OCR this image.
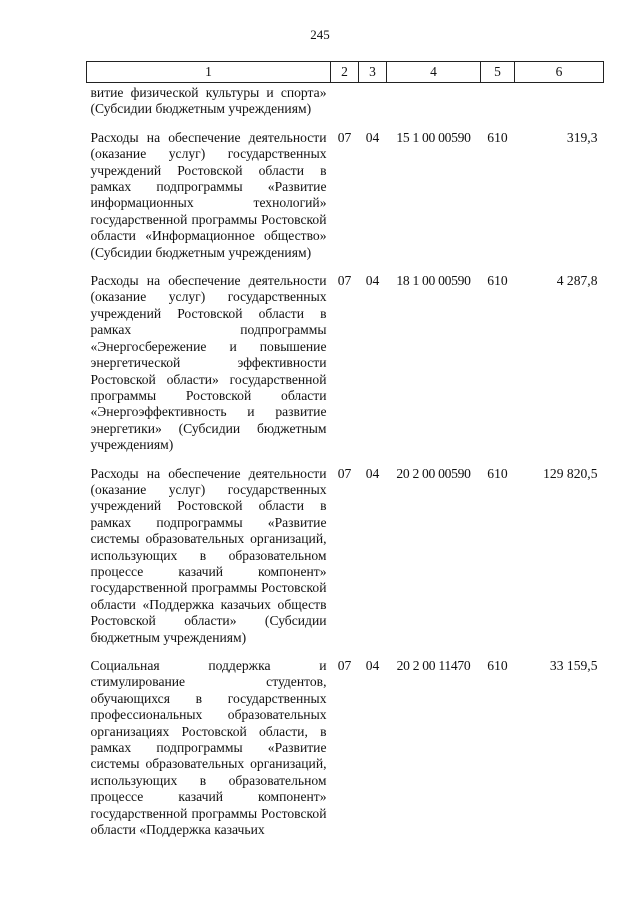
245
1	2	3	4	5	6
витие физической культуры и спорта» (Субсидии бюджетным учреждениям)					
Расходы на обеспечение деятельности (оказание услуг) государственных учреждений Ростовской области в рамках подпрограммы «Развитие информационных технологий» государственной программы Ростовской области «Информационное общество» (Субсидии бюджетным учреждениям)	07	04	15 1 00 00590	610	319,3
Расходы на обеспечение деятельности (оказание услуг) государственных учреждений Ростовской области в рамках подпрограммы «Энергосбережение и повышение энергетической эффективности Ростовской области» государственной программы Ростовской области «Энергоэффективность и развитие энергетики» (Субсидии бюджетным учреждениям)	07	04	18 1 00 00590	610	4 287,8
Расходы на обеспечение деятельности (оказание услуг) государственных учреждений Ростовской области в рамках подпрограммы «Развитие системы образовательных организаций, использующих в образовательном процессе казачий компонент» государственной программы Ростовской области «Поддержка казачьих обществ Ростовской области» (Субсидии бюджетным учреждениям)	07	04	20 2 00 00590	610	129 820,5
Социальная поддержка и стимулирование студентов, обучающихся в государственных профессиональных образовательных организациях Ростовской области, в рамках подпрограммы «Развитие системы образовательных организаций, использующих в образовательном процессе казачий компонент» государственной программы Ростовской области «Поддержка казачьих	07	04	20 2 00 11470	610	33 159,5
